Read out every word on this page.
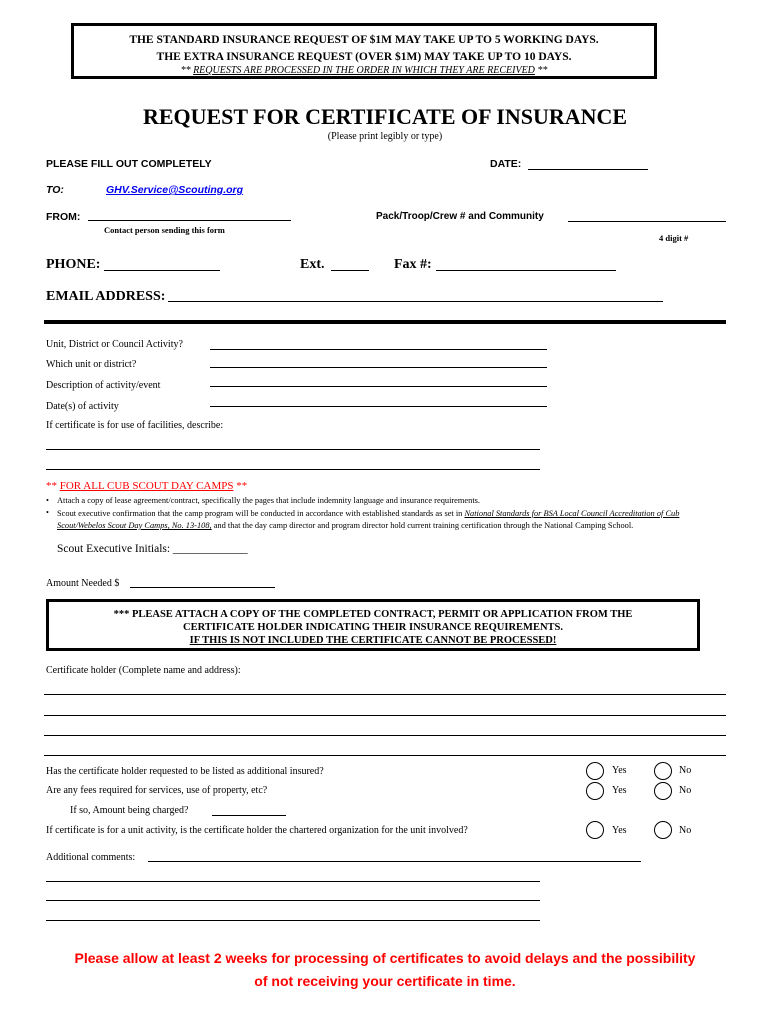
THE STANDARD INSURANCE REQUEST OF $1M MAY TAKE UP TO 5 WORKING DAYS.
THE EXTRA INSURANCE REQUEST (OVER $1M) MAY TAKE UP TO 10 DAYS.
** REQUESTS ARE PROCESSED IN THE ORDER IN WHICH THEY ARE RECEIVED **
REQUEST FOR CERTIFICATE OF INSURANCE
(Please print legibly or type)
PLEASE FILL OUT COMPLETELY	DATE:
TO:	GHV.Service@Scouting.org
FROM:
Contact person sending this form
Pack/Troop/Crew # and Community
4 digit #
PHONE:	Ext.	Fax #:
EMAIL ADDRESS:
Unit, District or Council Activity?
Which unit or district?
Description of activity/event
Date(s) of activity
If certificate is for use of facilities, describe:
** FOR ALL CUB SCOUT DAY CAMPS **
• Attach a copy of lease agreement/contract, specifically the pages that include indemnity language and insurance requirements.
• Scout executive confirmation that the camp program will be conducted in accordance with established standards as set in National Standards for BSA Local Council Accreditation of Cub Scout/Webelos Scout Day Camps, No. 13-108, and that the day camp director and program director hold current training certification through the National Camping School.
Scout Executive Initials: _____________
Amount Needed $
*** PLEASE ATTACH A COPY OF THE COMPLETED CONTRACT, PERMIT OR APPLICATION FROM THE
CERTIFICATE HOLDER INDICATING THEIR INSURANCE REQUIREMENTS.
IF THIS IS NOT INCLUDED THE CERTIFICATE CANNOT BE PROCESSED!
Certificate holder (Complete name and address):
Has the certificate holder requested to be listed as additional insured?	Yes	No
Are any fees required for services, use of property, etc?	Yes	No
If so, Amount being charged?
If certificate is for a unit activity, is the certificate holder the chartered organization for the unit involved?	Yes	No
Additional comments:
Please allow at least 2 weeks for processing of certificates to avoid delays and the possibility
of not receiving your certificate in time.
